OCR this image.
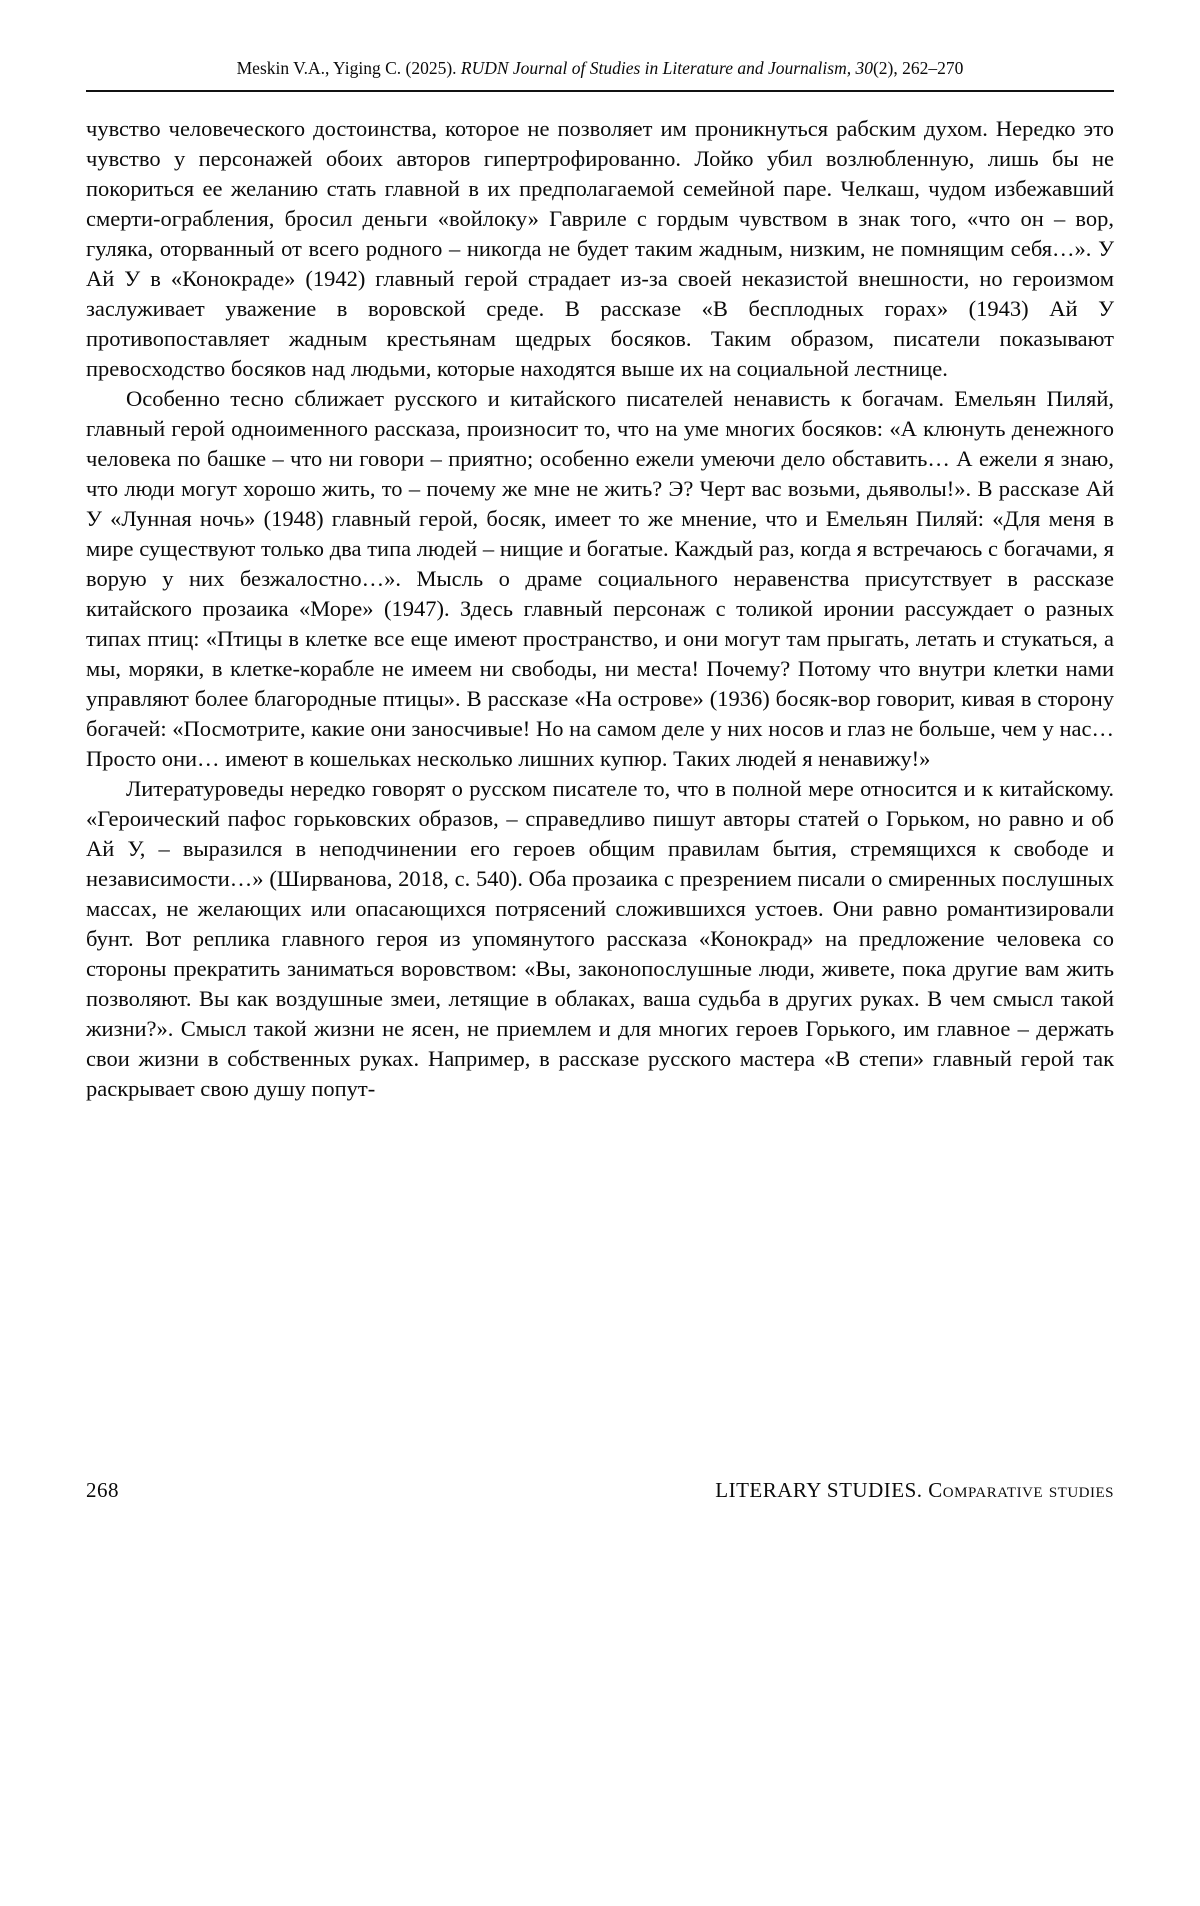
Meskin V.A., Yiging C. (2025). RUDN Journal of Studies in Literature and Journalism, 30(2), 262–270

чувство человеческого достоинства, которое не позволяет им проникнуться рабским духом. Нередко это чувство у персонажей обоих авторов гипертрофированно. Лойко убил возлюбленную, лишь бы не покориться ее желанию стать главной в их предполагаемой семейной паре. Челкаш, чудом избежавший смерти-ограбления, бросил деньги «войлоку» Гавриле с гордым чувством в знак того, «что он – вор, гуляка, оторванный от всего родного – никогда не будет таким жадным, низким, не помнящим себя…». У Ай У в «Конокраде» (1942) главный герой страдает из-за своей неказистой внешности, но героизмом заслуживает уважение в воровской среде. В рассказе «В бесплодных горах» (1943) Ай У противопоставляет жадным крестьянам щедрых босяков. Таким образом, писатели показывают превосходство босяков над людьми, которые находятся выше их на социальной лестнице.

Особенно тесно сближает русского и китайского писателей ненависть к богачам. Емельян Пиляй, главный герой одноименного рассказа, произносит то, что на уме многих босяков: «А клюнуть денежного человека по башке – что ни говори – приятно; особенно ежели умеючи дело обставить… А ежели я знаю, что люди могут хорошо жить, то – почему же мне не жить? Э? Черт вас возьми, дьяволы!». В рассказе Ай У «Лунная ночь» (1948) главный герой, босяк, имеет то же мнение, что и Емельян Пиляй: «Для меня в мире существуют только два типа людей – нищие и богатые. Каждый раз, когда я встречаюсь с богачами, я ворую у них безжалостно…». Мысль о драме социального неравенства присутствует в рассказе китайского прозаика «Море» (1947). Здесь главный персонаж с толикой иронии рассуждает о разных типах птиц: «Птицы в клетке все еще имеют пространство, и они могут там прыгать, летать и стукаться, а мы, моряки, в клетке-корабле не имеем ни свободы, ни места! Почему? Потому что внутри клетки нами управляют более благородные птицы». В рассказе «На острове» (1936) босяк-вор говорит, кивая в сторону богачей: «Посмотрите, какие они заносчивые! Но на самом деле у них носов и глаз не больше, чем у нас… Просто они… имеют в кошельках несколько лишних купюр. Таких людей я ненавижу!»

Литературоведы нередко говорят о русском писателе то, что в полной мере относится и к китайскому. «Героический пафос горьковских образов, – справедливо пишут авторы статей о Горьком, но равно и об Ай У, – выразился в неподчинении его героев общим правилам бытия, стремящихся к свободе и независимости…» (Ширванова, 2018, с. 540). Оба прозаика с презрением писали о смиренных послушных массах, не желающих или опасающихся потрясений сложившихся устоев. Они равно романтизировали бунт. Вот реплика главного героя из упомянутого рассказа «Конокрад» на предложение человека со стороны прекратить заниматься воровством: «Вы, законопослушные люди, живете, пока другие вам жить позволяют. Вы как воздушные змеи, летящие в облаках, ваша судьба в других руках. В чем смысл такой жизни?». Смысл такой жизни не ясен, не приемлем и для многих героев Горького, им главное – держать свои жизни в собственных руках. Например, в рассказе русского мастера «В степи» главный герой так раскрывает свою душу попут-

268	LITERARY STUDIES. Comparative studies
